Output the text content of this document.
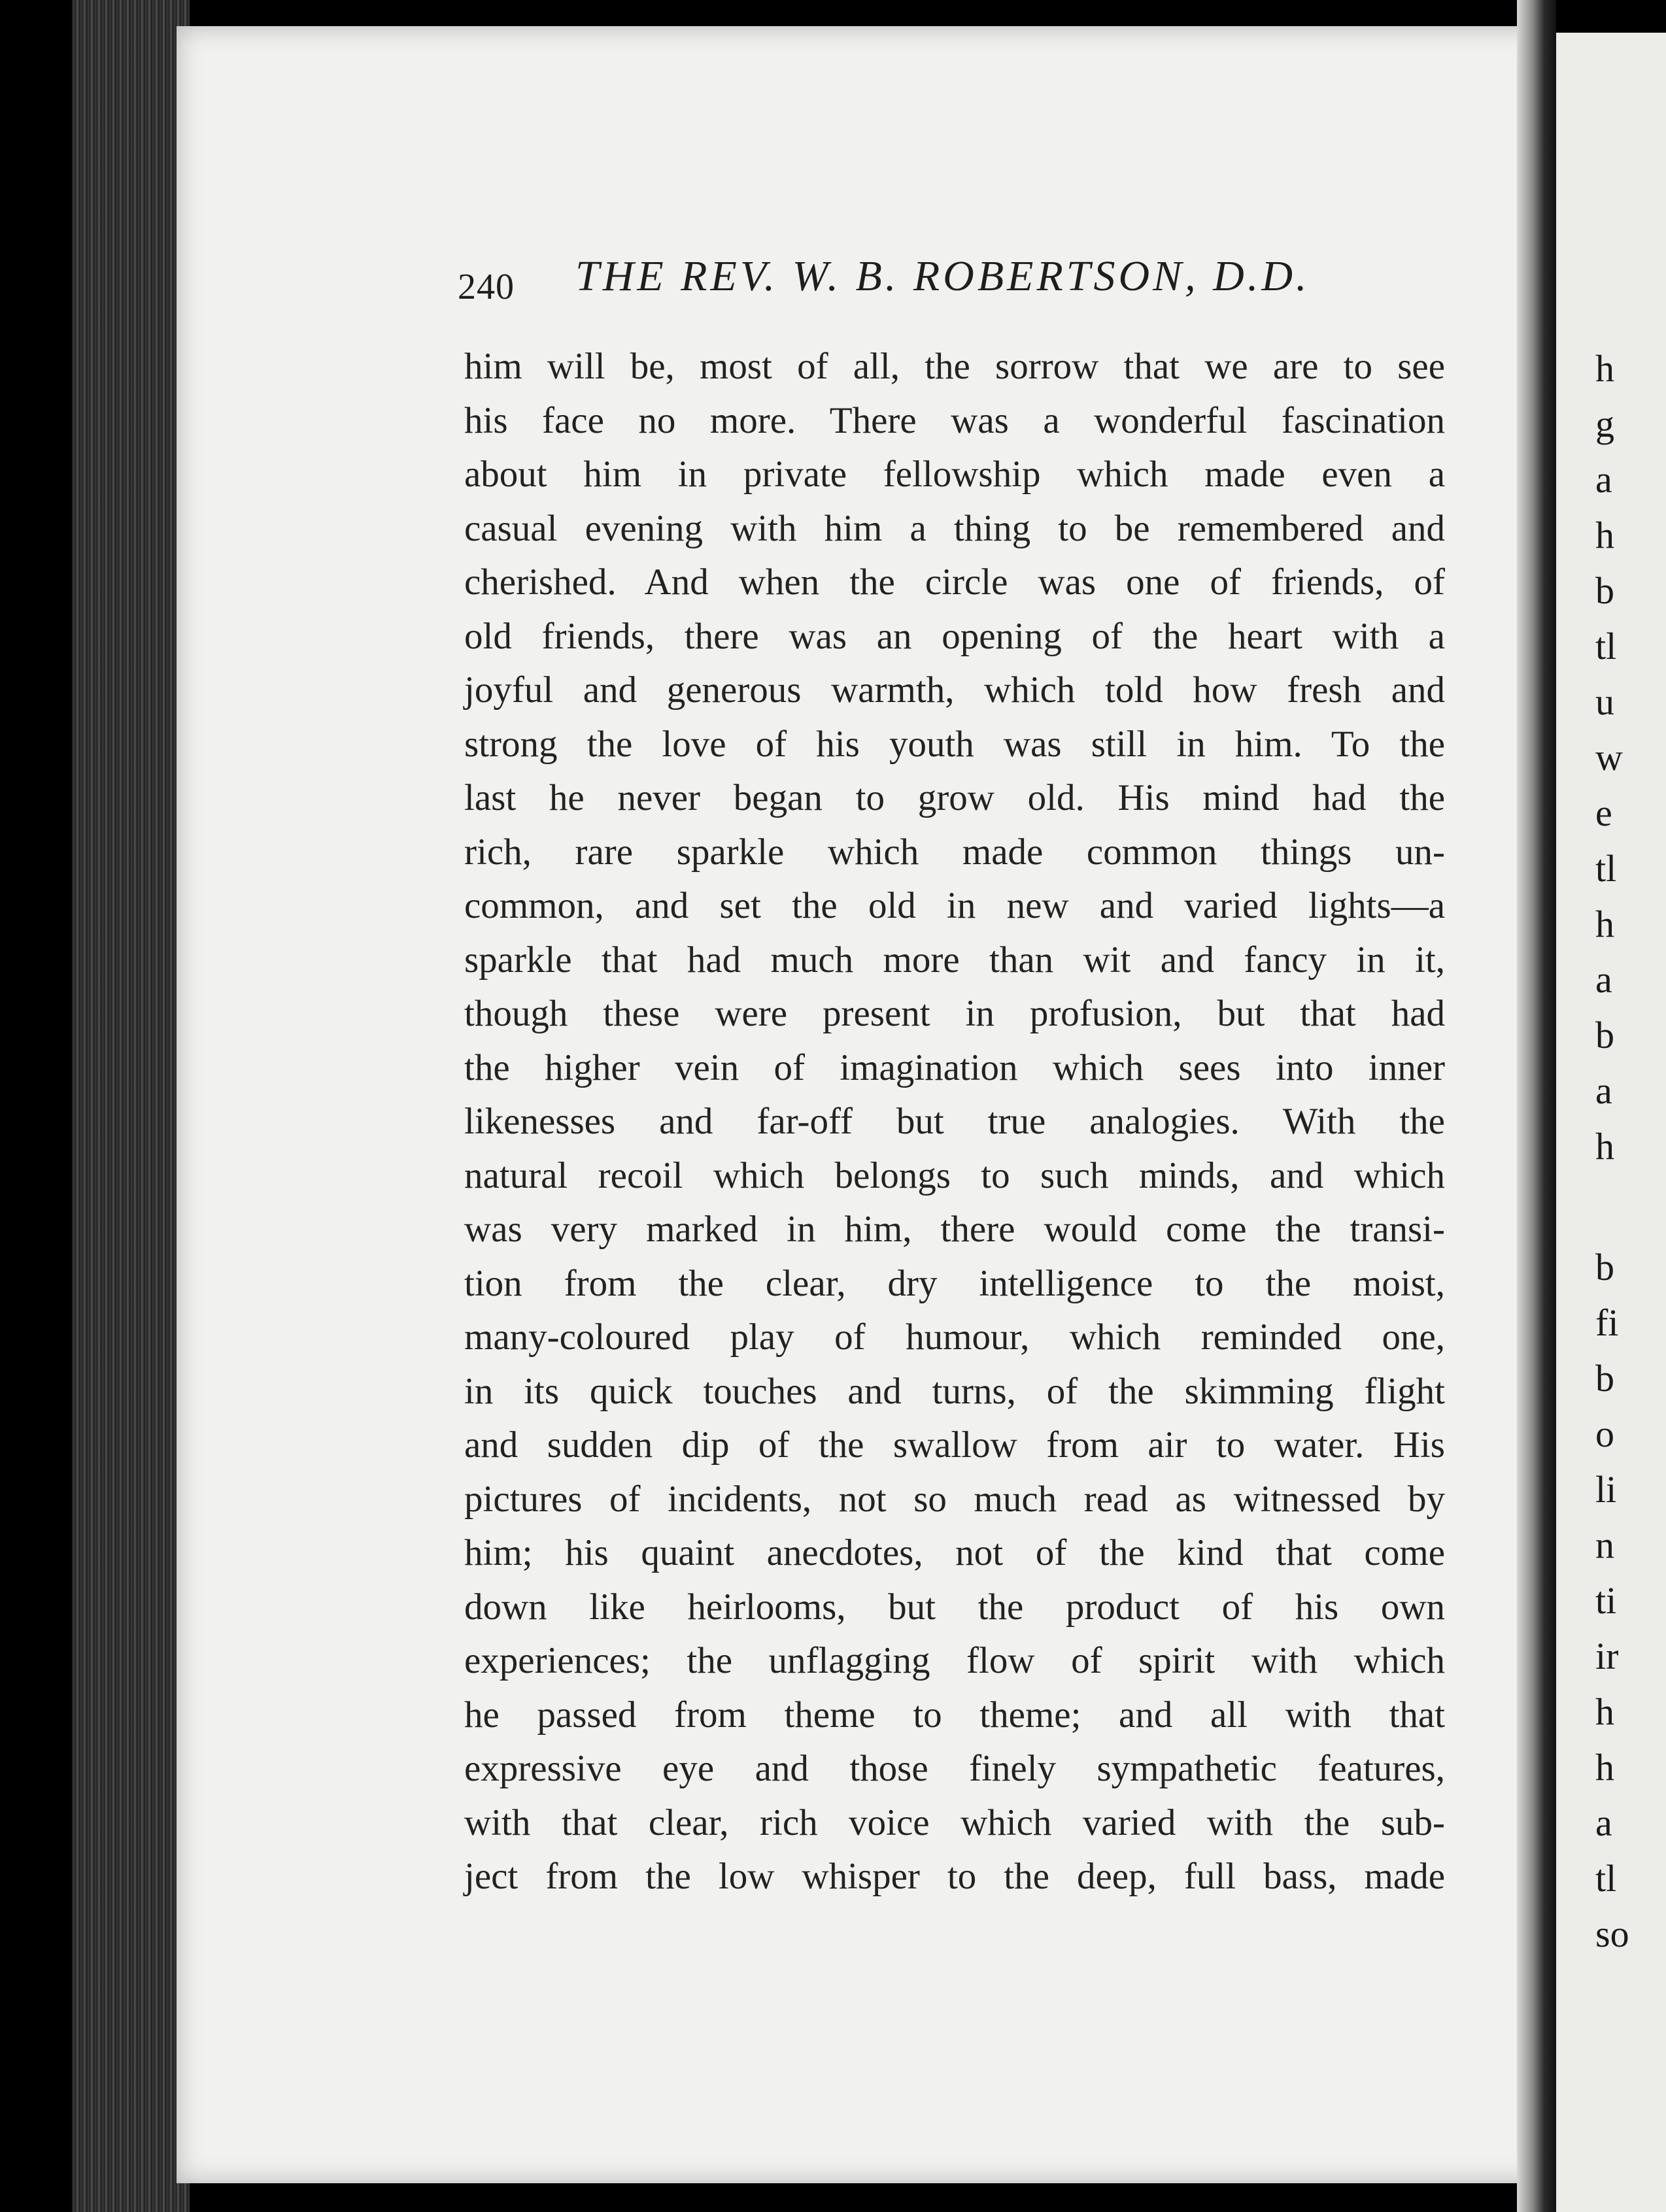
240 THE REV. W. B. ROBERTSON, D.D.
him will be, most of all, the sorrow that we are to see
his face no more. There was a wonderful fascination
about him in private fellowship which made even a
casual evening with him a thing to be remembered and
cherished. And when the circle was one of friends, of
old friends, there was an opening of the heart with a
joyful and generous warmth, which told how fresh and
strong the love of his youth was still in him. To the
last he never began to grow old. His mind had the
rich, rare sparkle which made common things un-
common, and set the old in new and varied lights—a
sparkle that had much more than wit and fancy in it,
though these were present in profusion, but that had
the higher vein of imagination which sees into inner
likenesses and far-off but true analogies. With the
natural recoil which belongs to such minds, and which
was very marked in him, there would come the transi-
tion from the clear, dry intelligence to the moist,
many-coloured play of humour, which reminded one,
in its quick touches and turns, of the skimming flight
and sudden dip of the swallow from air to water. His
pictures of incidents, not so much read as witnessed by
him; his quaint anecdotes, not of the kind that come
down like heirlooms, but the product of his own
experiences; the unflagging flow of spirit with which
he passed from theme to theme; and all with that
expressive eye and those finely sympathetic features,
with that clear, rich voice which varied with the sub-
ject from the low whisper to the deep, full bass, made
h
g
a
h
b
tl
u
w
e
tl
h
a
b
a
h
b
fi
b
o
li
n
ti
ir
h
h
a
tl
so
